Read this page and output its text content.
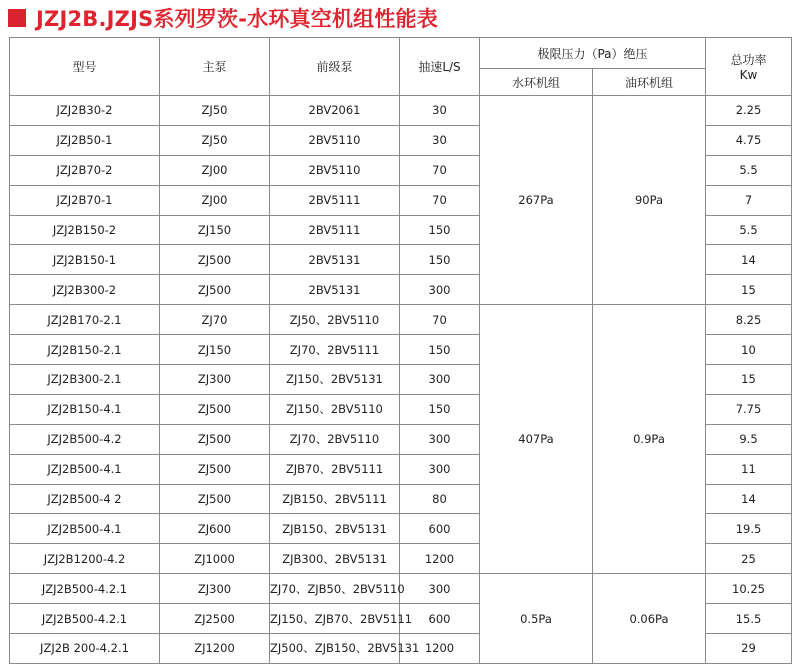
JZJ2B.JZJS系列罗茨-水环真空机组性能表
型号	主泵	前级泵	抽速L/S	极限压力（Pa）绝压		总功率
Kw

				水环机组	油环机组	
JZJ2B30-2	ZJ50	2BV2061	30	267Pa	90Pa	2.25
JZJ2B50-1	ZJ50	2BV5110	30			4.75
JZJ2B70-2	ZJ00	2BV5110	70			5.5
JZJ2B70-1	ZJ00	2BV5111	70			7
JZJ2B150-2	ZJ150	2BV5111	150			5.5
JZJ2B150-1	ZJ500	2BV5131	150			14
JZJ2B300-2	ZJ500	2BV5131	300			15
JZJ2B170-2.1	ZJ70	ZJ50、2BV5110	70	407Pa	0.9Pa	8.25
JZJ2B150-2.1	ZJ150	ZJ70、2BV5111	150			10
JZJ2B300-2.1	ZJ300	ZJ150、2BV5131	300			15
JZJ2B150-4.1	ZJ500	ZJ150、2BV5110	150			7.75
JZJ2B500-4.2	ZJ500	ZJ70、2BV5110	300			9.5
JZJ2B500-4.1	ZJ500	ZJB70、2BV5111	300			11
JZJ2B500-4 2	ZJ500	ZJB150、2BV5111	80			14
JZJ2B500-4.1	ZJ600	ZJB150、2BV5131	600			19.5
JZJ2B1200-4.2	ZJ1000	ZJB300、2BV5131	1200			25
JZJ2B500-4.2.1	ZJ300	ZJ70、ZJB50、2BV5110	300	0.5Pa	0.06Pa	10.25
JZJ2B500-4.2.1	ZJ2500	ZJ150、ZJB70、2BV5111	600			15.5
JZJ2B 200-4.2.1	ZJ1200	ZJ500、ZJB150、2BV5131	1200			29
